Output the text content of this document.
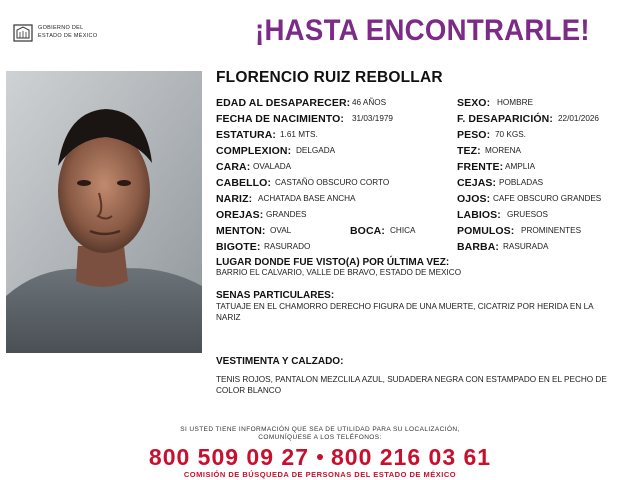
GOBIERNO DEL
ESTADO DE MÉXICO	¡HASTA ENCONTRARLE!
FLORENCIO RUIZ REBOLLAR
EDAD AL DESAPARECER: 46 AÑOS
FECHA DE NACIMIENTO: 31/03/1979
ESTATURA: 1.61 MTS.
COMPLEXION: DELGADA
CARA: OVALADA
CABELLO: CASTAÑO OBSCURO CORTO
NARIZ: ACHATADA BASE ANCHA
OREJAS: GRANDES
MENTON: OVAL	BOCA: CHICA
BIGOTE: RASURADO
SEXO: HOMBRE
F. DESAPARICIÓN: 22/01/2026
PESO: 70 KGS.
TEZ: MORENA
FRENTE: AMPLIA
CEJAS: POBLADAS
OJOS: CAFE OBSCURO GRANDES
LABIOS: GRUESOS
POMULOS: PROMINENTES
BARBA: RASURADA
LUGAR DONDE FUE VISTO(A) POR ÚLTIMA VEZ:
BARRIO EL CALVARIO, VALLE DE BRAVO, ESTADO DE MEXICO
SENAS PARTICULARES:
TATUAJE EN EL CHAMORRO DERECHO FIGURA DE UNA MUERTE, CICATRIZ POR HERIDA EN LA NARIZ
VESTIMENTA Y CALZADO:
TENIS ROJOS, PANTALON MEZCLILA AZUL, SUDADERA NEGRA CON ESTAMPADO EN EL PECHO DE COLOR BLANCO
SI USTED TIENE INFORMACIÓN QUE SEA DE UTILIDAD PARA SU LOCALIZACIÓN,
COMUNÍQUESE A LOS TELÉFONOS:
800 509 09 27 800 216 03 61
COMISIÓN DE BÚSQUEDA DE PERSONAS DEL ESTADO DE MÉXICO
